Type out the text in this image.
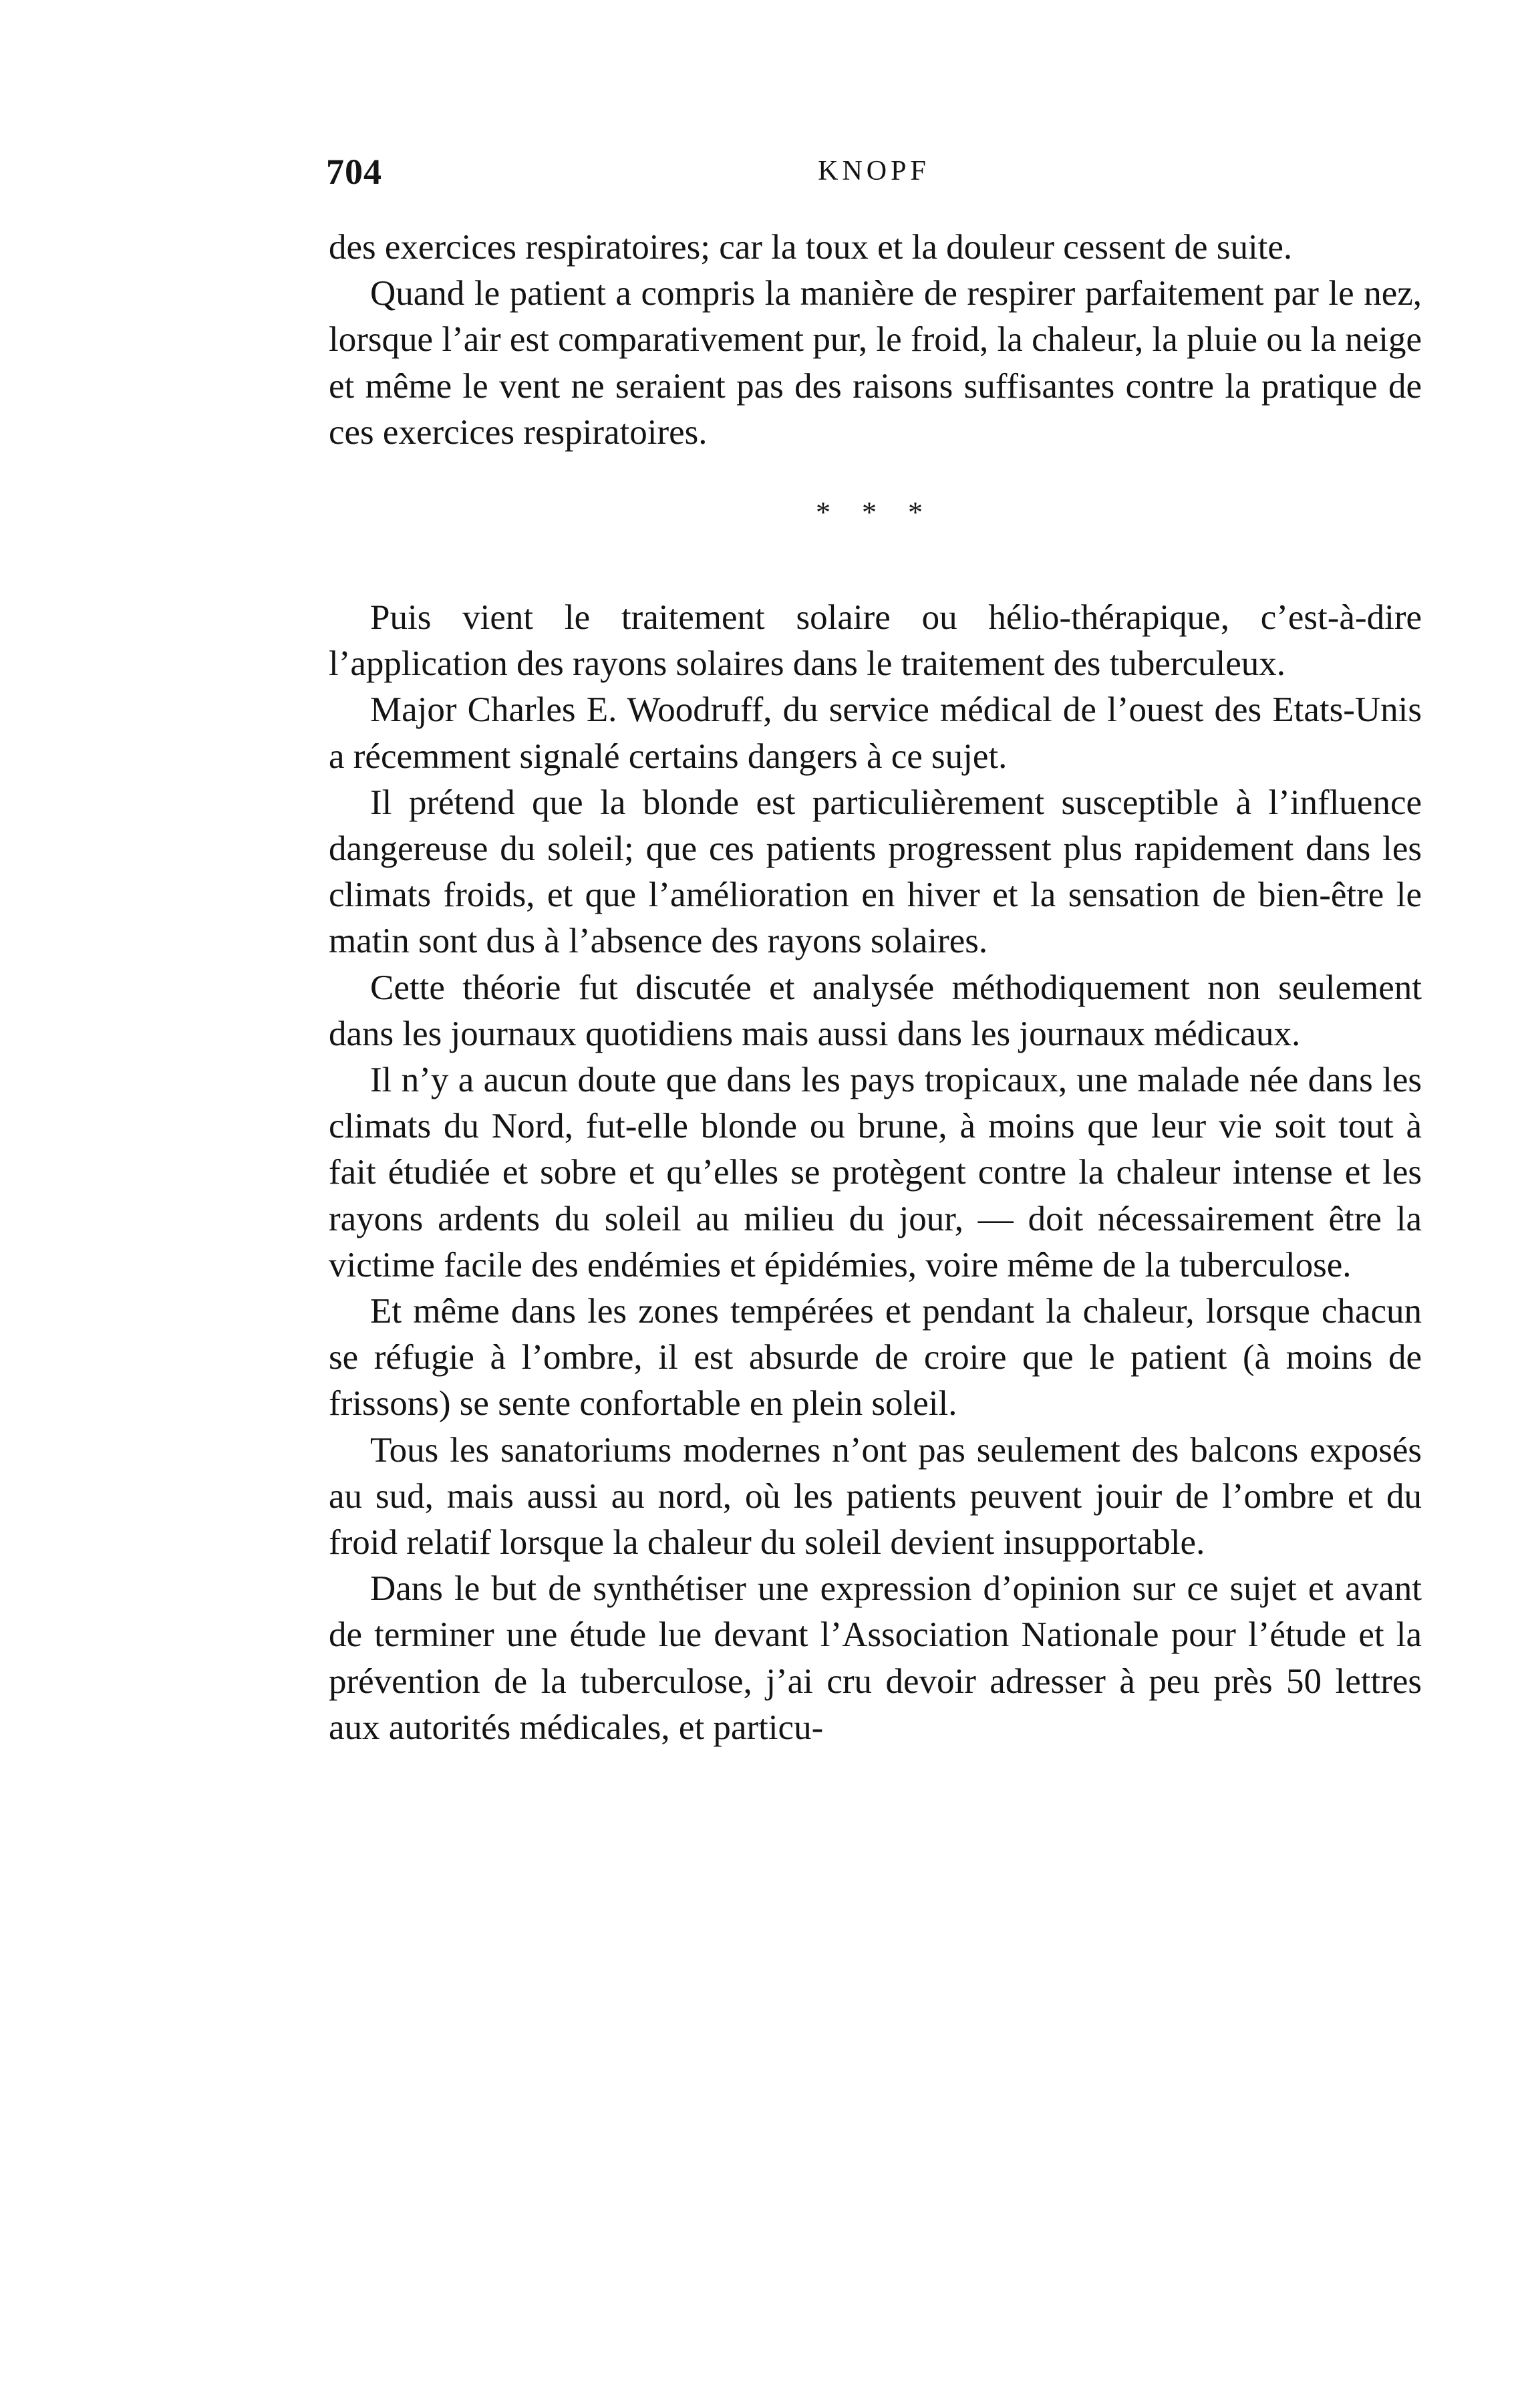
704	KNOPF

des exercices respiratoires; car la toux et la douleur cessent de suite.

Quand le patient a compris la manière de respirer parfaitement par le nez, lorsque l’air est comparativement pur, le froid, la chaleur, la pluie ou la neige et même le vent ne seraient pas des raisons suffisantes contre la pratique de ces exercices respiratoires.

* * *

Puis vient le traitement solaire ou hélio-thérapique, c’est-à-dire l’application des rayons solaires dans le traitement des tuberculeux.

Major Charles E. Woodruff, du service médical de l’ouest des Etats-Unis a récemment signalé certains dangers à ce sujet.

Il prétend que la blonde est particulièrement susceptible à l’influence dangereuse du soleil; que ces patients progressent plus rapidement dans les climats froids, et que l’amélioration en hiver et la sensation de bien-être le matin sont dus à l’absence des rayons solaires.

Cette théorie fut discutée et analysée méthodiquement non seulement dans les journaux quotidiens mais aussi dans les journaux médicaux.

Il n’y a aucun doute que dans les pays tropicaux, une malade née dans les climats du Nord, fut-elle blonde ou brune, à moins que leur vie soit tout à fait étudiée et sobre et qu’elles se protègent contre la chaleur intense et les rayons ardents du soleil au milieu du jour, — doit nécessairement être la victime facile des endémies et épidémies, voire même de la tuberculose.

Et même dans les zones tempérées et pendant la chaleur, lorsque chacun se réfugie à l’ombre, il est absurde de croire que le patient (à moins de frissons) se sente confortable en plein soleil.

Tous les sanatoriums modernes n’ont pas seulement des balcons exposés au sud, mais aussi au nord, où les patients peuvent jouir de l’ombre et du froid relatif lorsque la chaleur du soleil devient insupportable.

Dans le but de synthétiser une expression d’opinion sur ce sujet et avant de terminer une étude lue devant l’Association Nationale pour l’étude et la prévention de la tuberculose, j’ai cru devoir adresser à peu près 50 lettres aux autorités médicales, et particu-
